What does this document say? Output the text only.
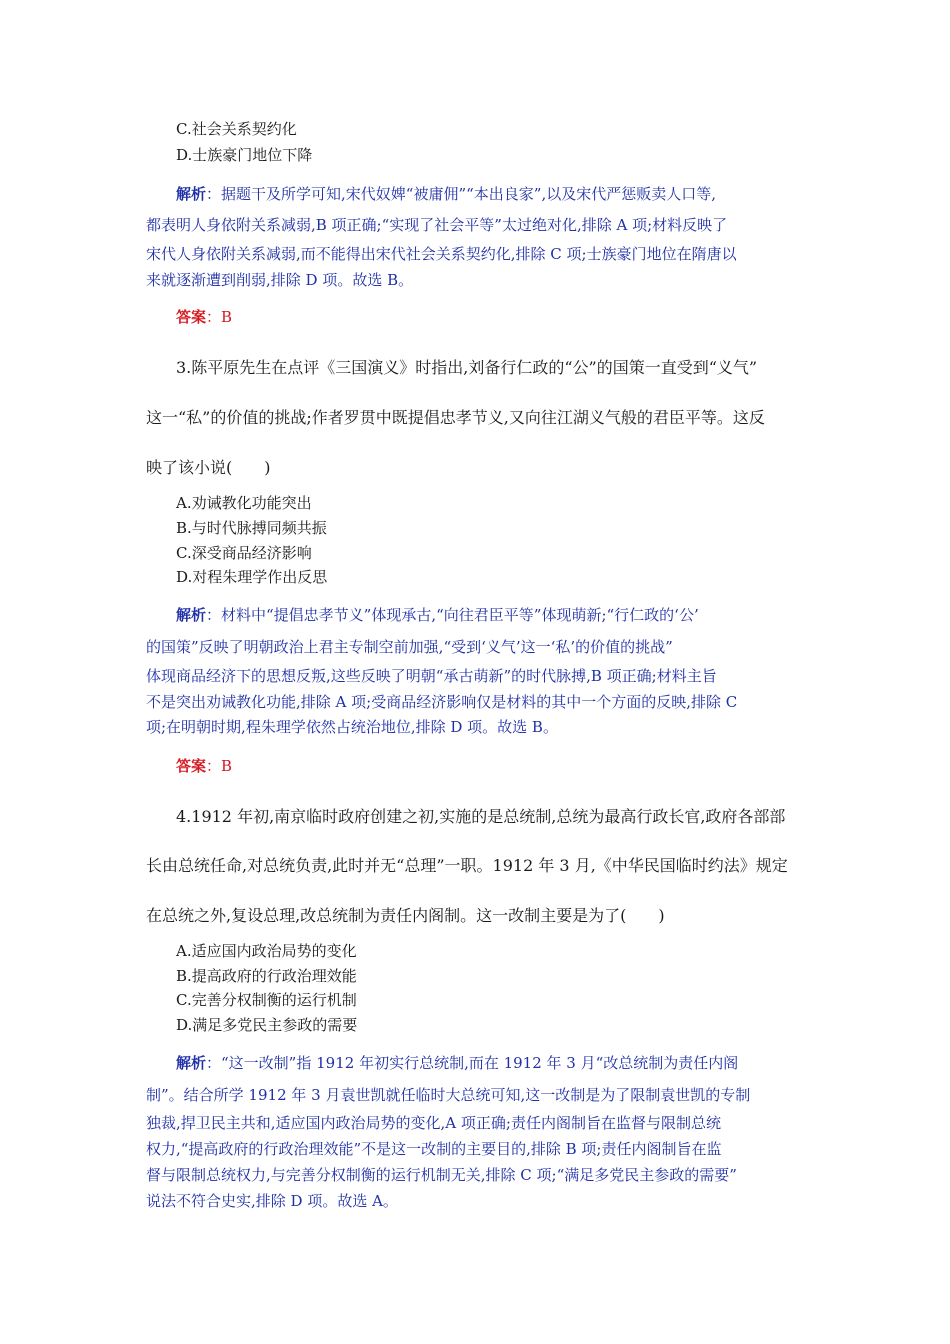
C.社会关系契约化
D.士族豪门地位下降
解析：据题干及所学可知,宋代奴婢“被庸佣”“本出良家”,以及宋代严惩贩卖人口等,
都表明人身依附关系减弱,B 项正确;“实现了社会平等”太过绝对化,排除 A 项;材料反映了
宋代人身依附关系减弱,而不能得出宋代社会关系契约化,排除 C 项;士族豪门地位在隋唐以
来就逐渐遭到削弱,排除 D 项。故选 B。
答案：B
3.陈平原先生在点评《三国演义》时指出,刘备行仁政的“公”的国策一直受到“义气”
这一“私”的价值的挑战;作者罗贯中既提倡忠孝节义,又向往江湖义气般的君臣平等。这反
映了该小说(　　)
A.劝诫教化功能突出
B.与时代脉搏同频共振
C.深受商品经济影响
D.对程朱理学作出反思
解析：材料中“提倡忠孝节义”体现承古,“向往君臣平等”体现萌新;“行仁政的‘公’
的国策”反映了明朝政治上君主专制空前加强,“受到‘义气’这一‘私’的价值的挑战”
体现商品经济下的思想反叛,这些反映了明朝“承古萌新”的时代脉搏,B 项正确;材料主旨
不是突出劝诫教化功能,排除 A 项;受商品经济影响仅是材料的其中一个方面的反映,排除 C
项;在明朝时期,程朱理学依然占统治地位,排除 D 项。故选 B。
答案：B
4.1912 年初,南京临时政府创建之初,实施的是总统制,总统为最高行政长官,政府各部部
长由总统任命,对总统负责,此时并无“总理”一职。1912 年 3 月,《中华民国临时约法》规定
在总统之外,复设总理,改总统制为责任内阁制。这一改制主要是为了(　　)
A.适应国内政治局势的变化
B.提高政府的行政治理效能
C.完善分权制衡的运行机制
D.满足多党民主参政的需要
解析：“这一改制”指 1912 年初实行总统制,而在 1912 年 3 月“改总统制为责任内阁
制”。结合所学 1912 年 3 月袁世凯就任临时大总统可知,这一改制是为了限制袁世凯的专制
独裁,捍卫民主共和,适应国内政治局势的变化,A 项正确;责任内阁制旨在监督与限制总统
权力,“提高政府的行政治理效能”不是这一改制的主要目的,排除 B 项;责任内阁制旨在监
督与限制总统权力,与完善分权制衡的运行机制无关,排除 C 项;“满足多党民主参政的需要”
说法不符合史实,排除 D 项。故选 A。
